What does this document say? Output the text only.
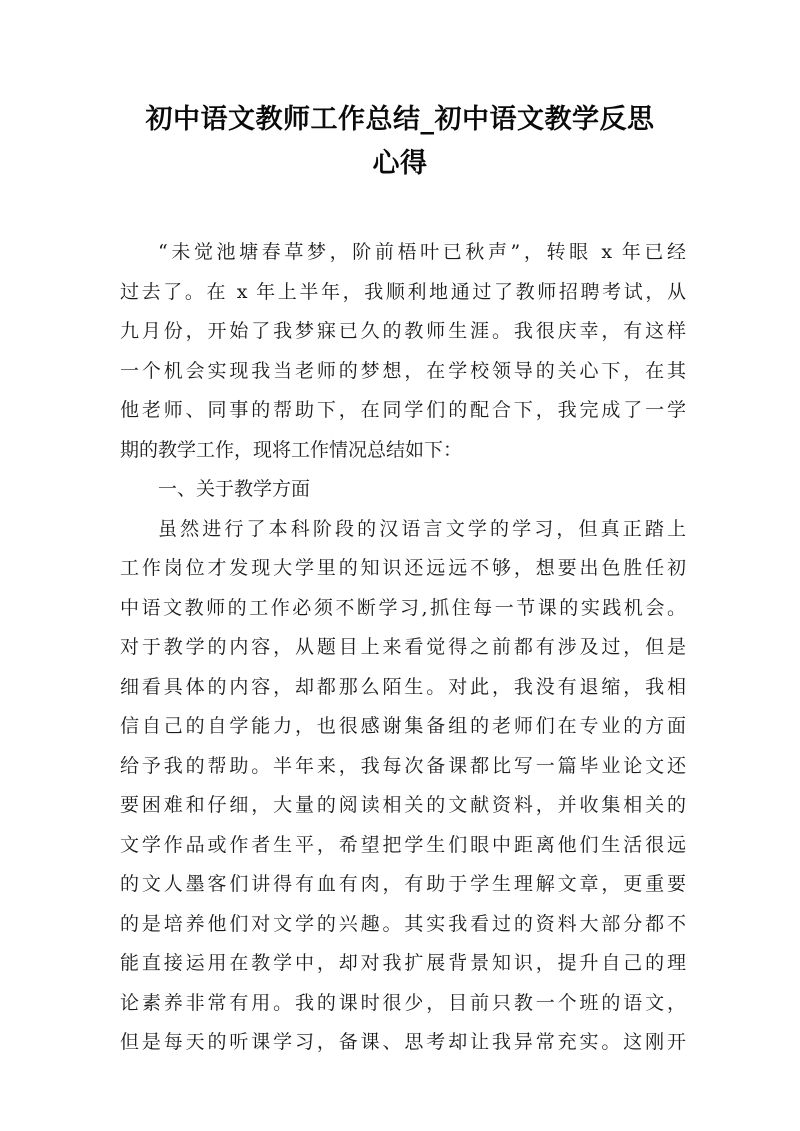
初中语文教师工作总结_初中语文教学反思
心得
“未觉池塘春草梦，阶前梧叶已秋声”，转眼 x 年已经
过去了。在 x 年上半年，我顺利地通过了教师招聘考试，从
九月份，开始了我梦寐已久的教师生涯。我很庆幸，有这样
一个机会实现我当老师的梦想，在学校领导的关心下，在其
他老师、同事的帮助下，在同学们的配合下，我完成了一学
期的教学工作，现将工作情况总结如下：
一、关于教学方面
虽然进行了本科阶段的汉语言文学的学习，但真正踏上
工作岗位才发现大学里的知识还远远不够，想要出色胜任初
中语文教师的工作必须不断学习,抓住每一节课的实践机会。
对于教学的内容，从题目上来看觉得之前都有涉及过，但是
细看具体的内容，却都那么陌生。对此，我没有退缩，我相
信自己的自学能力，也很感谢集备组的老师们在专业的方面
给予我的帮助。半年来，我每次备课都比写一篇毕业论文还
要困难和仔细，大量的阅读相关的文献资料，并收集相关的
文学作品或作者生平，希望把学生们眼中距离他们生活很远
的文人墨客们讲得有血有肉，有助于学生理解文章，更重要
的是培养他们对文学的兴趣。其实我看过的资料大部分都不
能直接运用在教学中，却对我扩展背景知识，提升自己的理
论素养非常有用。我的课时很少，目前只教一个班的语文，
但是每天的听课学习，备课、思考却让我异常充实。这刚开
